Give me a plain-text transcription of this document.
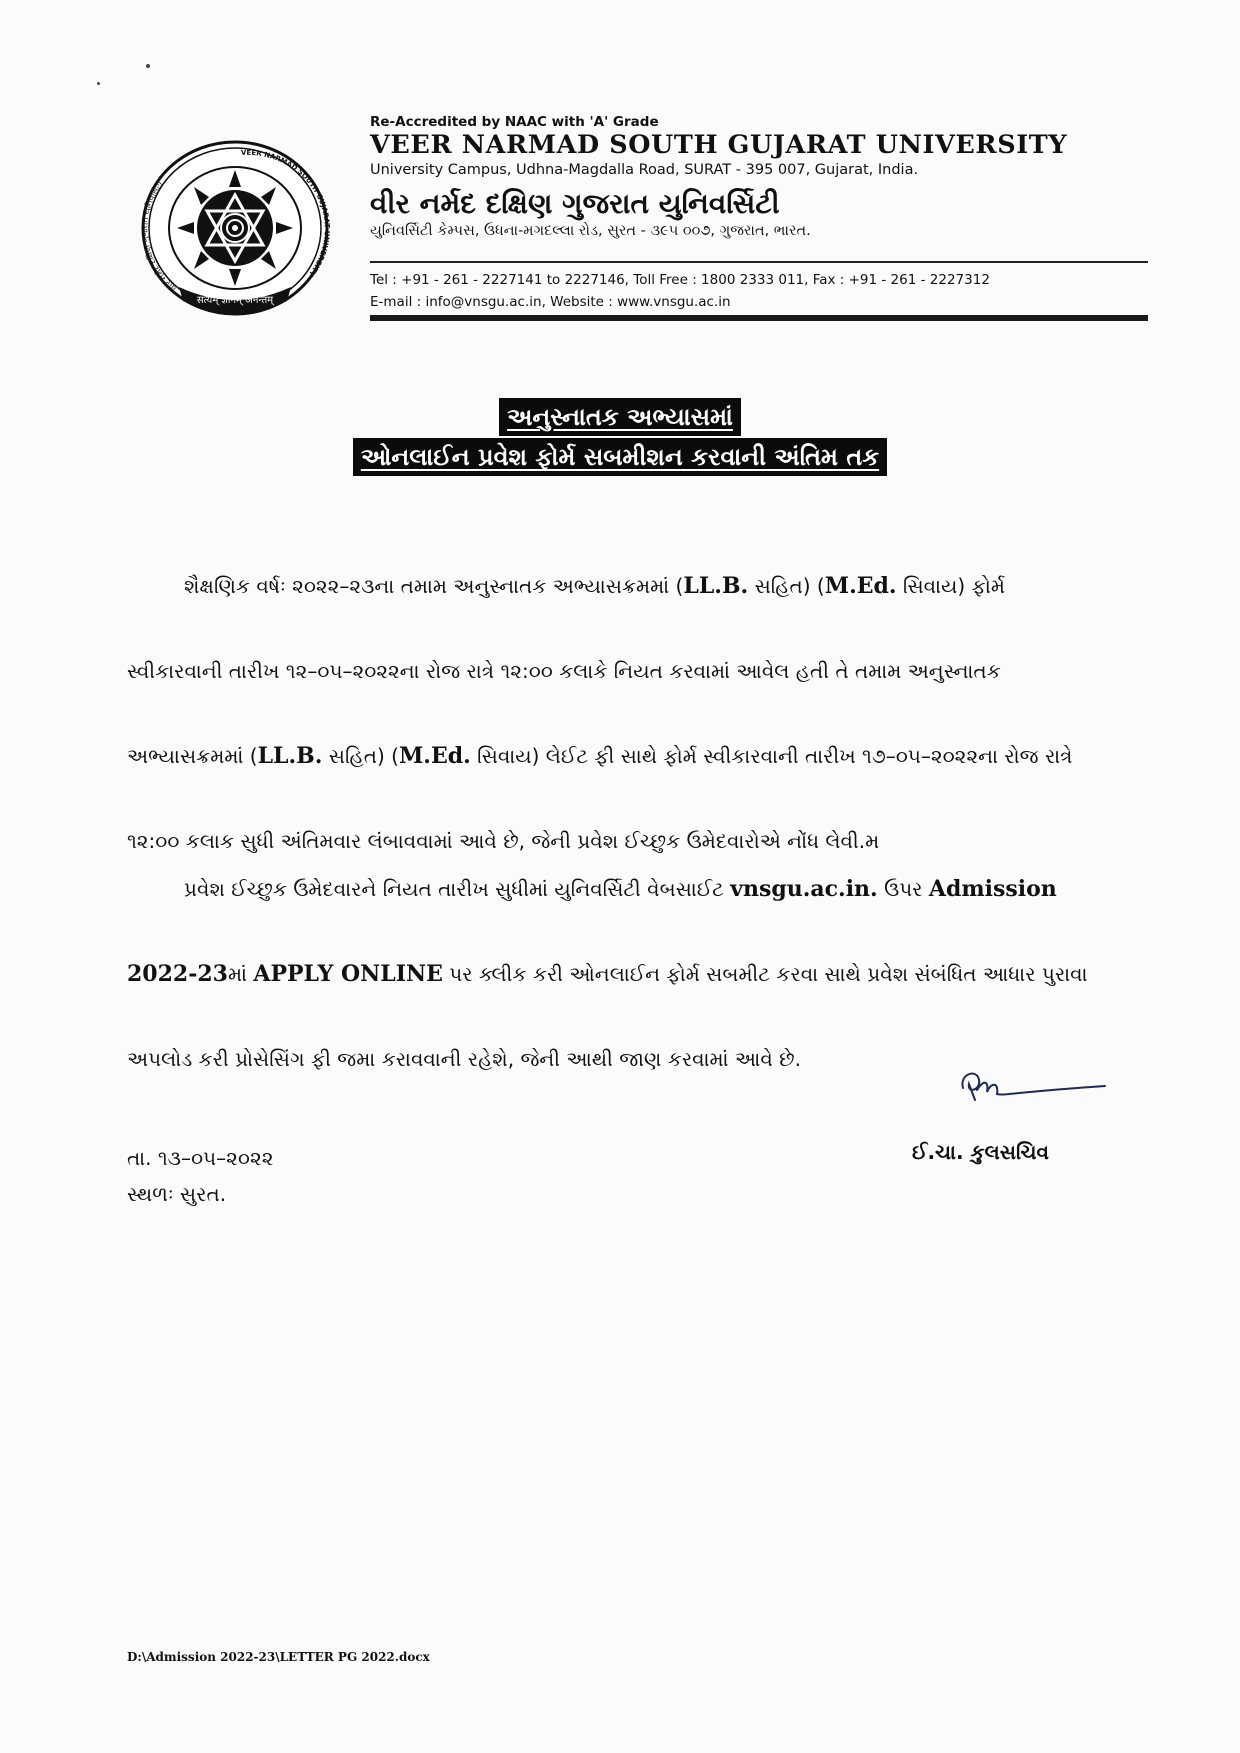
વીર નર્મદ દક્ષિણ ગુજરાત યુનિવર્સિટી
VEER NARMAD SOUTH GUJARAT UNIVERSITY
सत्यम् ज्ञानम् अनन्तम्
Re-Accredited by NAAC with 'A' Grade
VEER NARMAD SOUTH GUJARAT UNIVERSITY
University Campus, Udhna-Magdalla Road, SURAT - 395 007, Gujarat, India.
વીર નર્મદ દક્ષિણ ગુજરાત યુનિવર્સિટી
યુનિવર્સિટી કેમ્પસ, ઉધના-મગદલ્લા રોડ, સુરત - ૩૯૫ ૦૦૭, ગુજરાત, ભારત.
Tel : +91 - 261 - 2227141 to 2227146, Toll Free : 1800 2333 011, Fax : +91 - 261 - 2227312
E-mail : info@vnsgu.ac.in, Website : www.vnsgu.ac.in
અનુસ્નાતક અભ્યાસમાં
ઓનલાઈન પ્રવેશ ફોર્મ સબમીશન કરવાની અંતિમ તક
શૈક્ષણિક વર્ષઃ ૨૦૨૨–૨૩ના તમામ અનુસ્નાતક અભ્યાસક્રમમાં (LL.B. સહિત) (M.Ed. સિવાય) ફોર્મ
સ્વીકારવાની તારીખ ૧૨–૦૫–૨૦૨૨ના રોજ રાત્રે ૧૨:૦૦ કલાકે નિયત કરવામાં આવેલ હતી તે તમામ અનુસ્નાતક
અભ્યાસક્રમમાં (LL.B. સહિત) (M.Ed. સિવાય) લેઈટ ફી સાથે ફોર્મ સ્વીકારવાની તારીખ ૧૭–૦૫–૨૦૨૨ના રોજ રાત્રે
૧૨:૦૦ કલાક સુધી અંતિમવાર લંબાવવામાં આવે છે, જેની પ્રવેશ ઈચ્છુક ઉમેદવારોએ નોંધ લેવી.મ
પ્રવેશ ઈચ્છુક ઉમેદવારને નિયત તારીખ સુધીમાં યુનિવર્સિટી વેબસાઈટ vnsgu.ac.in. ઉપર Admission
2022-23માં APPLY ONLINE પર ક્લીક કરી ઓનલાઈન ફોર્મ સબમીટ કરવા સાથે પ્રવેશ સંબંધિત આધાર પુરાવા
અપલોડ કરી પ્રોસેસિંગ ફી જમા કરાવવાની રહેશે, જેની આથી જાણ કરવામાં આવે છે.
ઈ.ચા. કુલસચિવ
તા. ૧૩–૦૫–૨૦૨૨
સ્થળઃ સુરત.
D:\Admission 2022-23\LETTER PG 2022.docx
